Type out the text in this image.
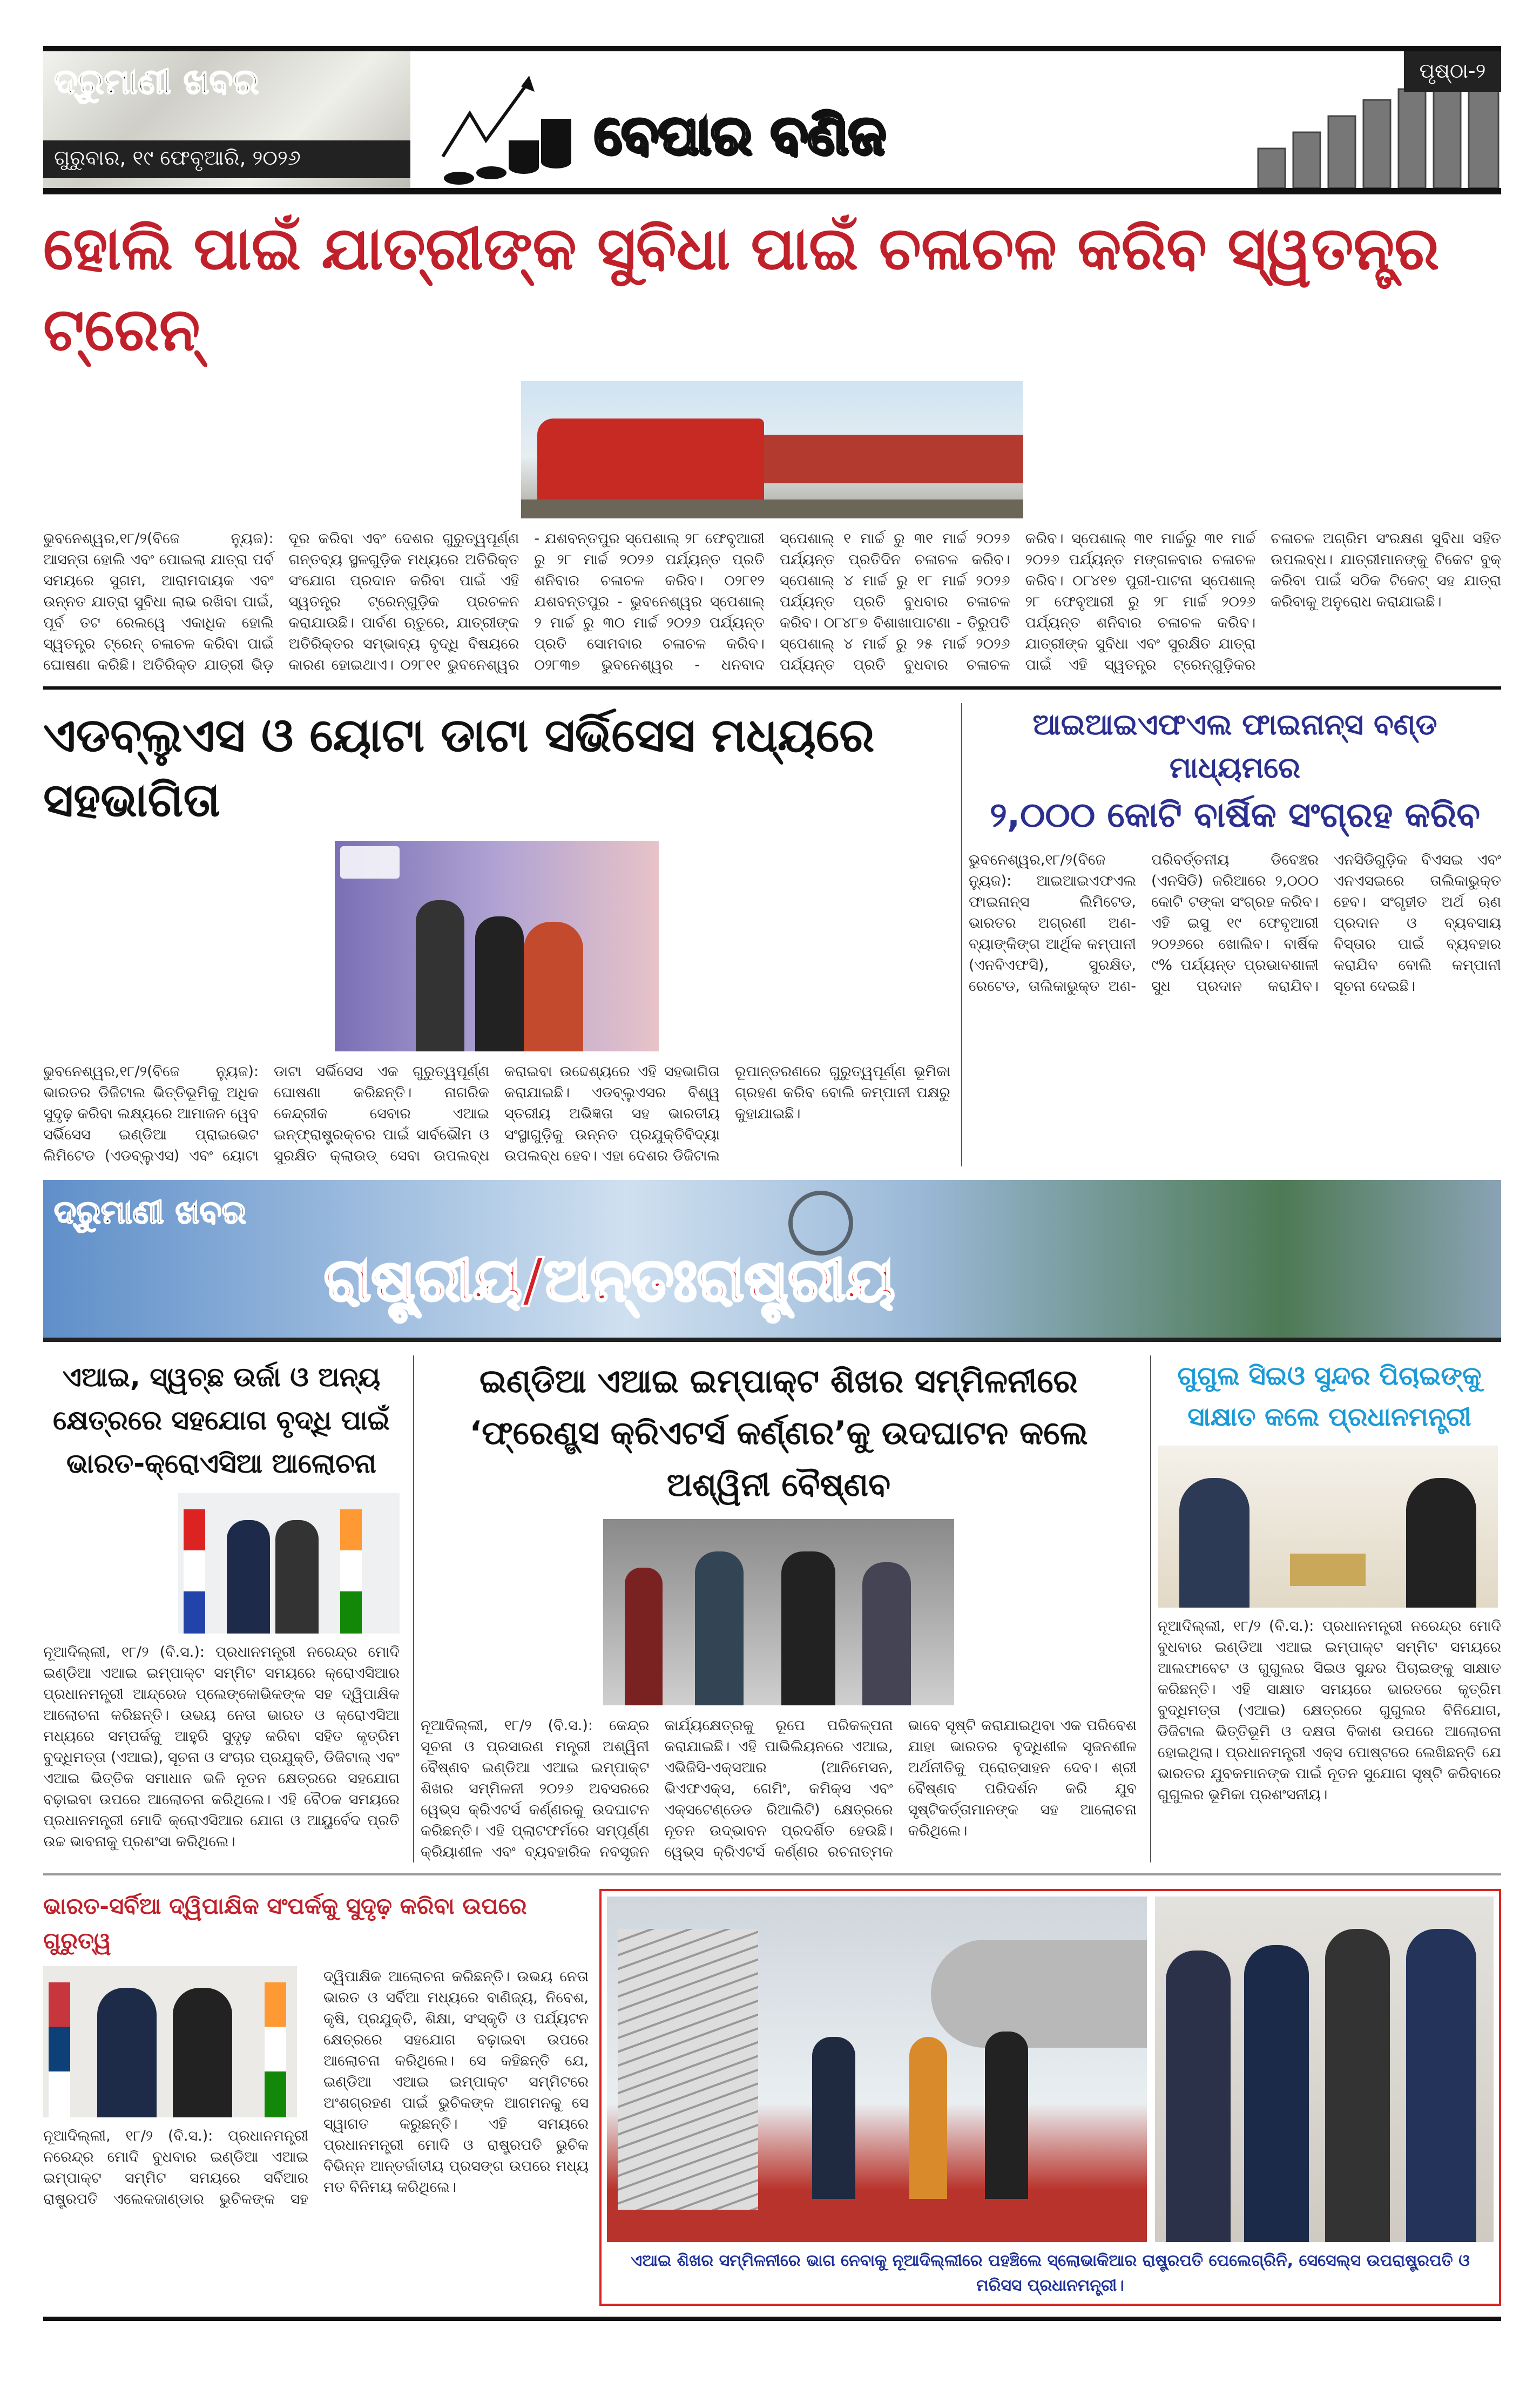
ଦ୍ରୁମାଣୀ ଖବର
ଗୁରୁବାର, ୧୯ ଫେବୃଆରି, ୨୦୨୬	ବେପାର ବଣିଜ
ପୃଷ୍ଠା-୨
ହୋଲି ପାଇଁ ଯାତ୍ରୀଙ୍କ ସୁବିଧା ପାଇଁ ଚଳାଚଳ କରିବ ସ୍ୱତନ୍ତ୍ର ଟ୍ରେନ୍
ଭୁବନେଶ୍ୱର,୧୮/୨(ବିଜେ ନ୍ୟୁଜ): ଆସନ୍ତା ହୋଲି ଏବଂ ପୋଇଲା ଯାତ୍ରା ପର୍ବ ସମୟରେ ସୁଗମ, ଆରାମଦାୟକ ଏବଂ ଉନ୍ନତ ଯାତ୍ରା ସୁବିଧା ଲାଭ ରଖିବା ପାଇଁ, ପୂର୍ବ ତଟ ରେଲୱେ ଏକାଧିକ ହୋଲି ସ୍ୱତନ୍ତ୍ର ଟ୍ରେନ୍ ଚଳାଚଳ କରିବା ପାଇଁ ଘୋଷଣା କରିଛି। ଅତିରିକ୍ତ ଯାତ୍ରୀ ଭିଡ଼ ଦୂର କରିବା ଏବଂ ଦେଶର ଗୁରୁତ୍ୱପୂର୍ଣ୍ଣ ଗନ୍ତବ୍ୟ ସ୍ଥଳଗୁଡ଼ିକ ମଧ୍ୟରେ ଅତିରିକ୍ତ ସଂଯୋଗ ପ୍ରଦାନ କରିବା ପାଇଁ ଏହି ସ୍ୱତନ୍ତ୍ର ଟ୍ରେନ୍‌ଗୁଡ଼ିକ ପ୍ରଚଳନ କରାଯାଉଛି। ପାର୍ବଣ ଋତୁରେ, ଯାତ୍ରୀଙ୍କ ଅତିରିକ୍ତର ସମ୍ଭାବ୍ୟ ବୃଦ୍ଧି ବିଷୟରେ କାରଣ ହୋଇଥାଏ। ୦୨୮୧୧ ଭୁବନେଶ୍ୱର - ଯଶବନ୍ତପୁର ସ୍ପେଶାଲ୍ ୨୮ ଫେବୃଆରୀ ରୁ ୨୮ ମାର୍ଚ୍ଚ ୨୦୨୬ ପର୍ଯ୍ୟନ୍ତ ପ୍ରତି ଶନିବାର ଚଳାଚଳ କରିବ। ୦୨୮୧୨ ଯଶବନ୍ତପୁର - ଭୁବନେଶ୍ୱର ସ୍ପେଶାଲ୍ ୨ ମାର୍ଚ୍ଚ ରୁ ୩୦ ମାର୍ଚ୍ଚ ୨୦୨୬ ପର୍ଯ୍ୟନ୍ତ ପ୍ରତି ସୋମବାର ଚଳାଚଳ କରିବ। ୦୨୮୩୭ ଭୁବନେଶ୍ୱର - ଧନବାଦ ସ୍ପେଶାଲ୍ ୧ ମାର୍ଚ୍ଚ ରୁ ୩୧ ମାର୍ଚ୍ଚ ୨୦୨୬ ପର୍ଯ୍ୟନ୍ତ ପ୍ରତିଦିନ ଚଳାଚଳ କରିବ। ସ୍ପେଶାଲ୍ ୪ ମାର୍ଚ୍ଚ ରୁ ୧୮ ମାର୍ଚ୍ଚ ୨୦୨୬ ପର୍ଯ୍ୟନ୍ତ ପ୍ରତି ବୁଧବାର ଚଳାଚଳ କରିବ। ୦୮୪୮୭ ବିଶାଖାପାଟଣା - ତିରୁପତି ସ୍ପେଶାଲ୍ ୪ ମାର୍ଚ୍ଚ ରୁ ୨୫ ମାର୍ଚ୍ଚ ୨୦୨୬ ପର୍ଯ୍ୟନ୍ତ ପ୍ରତି ବୁଧବାର ଚଳାଚଳ କରିବ। ସ୍ପେଶାଲ୍ ୩୧ ମାର୍ଚ୍ଚରୁ ୩୧ ମାର୍ଚ୍ଚ ୨୦୨୬ ପର୍ଯ୍ୟନ୍ତ ମଙ୍ଗଳବାର ଚଳାଚଳ କରିବ। ୦୮୪୧୭ ପୁରୀ-ପାଟନା ସ୍ପେଶାଲ୍ ୨୮ ଫେବୃଆରୀ ରୁ ୨୮ ମାର୍ଚ୍ଚ ୨୦୨୬ ପର୍ଯ୍ୟନ୍ତ ଶନିବାର ଚଳାଚଳ କରିବ। ଯାତ୍ରୀଙ୍କ ସୁବିଧା ଏବଂ ସୁରକ୍ଷିତ ଯାତ୍ରା ପାଇଁ ଏହି ସ୍ୱତନ୍ତ୍ର ଟ୍ରେନ୍‌ଗୁଡ଼ିକର ଚଳାଚଳ ଅଗ୍ରିମ ସଂରକ୍ଷଣ ସୁବିଧା ସହିତ ଉପଲବ୍ଧ। ଯାତ୍ରୀମାନଙ୍କୁ ଟିକେଟ ବୁକ୍ କରିବା ପାଇଁ ସଠିକ ଟିକେଟ୍ ସହ ଯାତ୍ରା କରିବାକୁ ଅନୁରୋଧ କରାଯାଇଛି।
ଏଡବ୍ଲୁଏସ ଓ ୟୋଟା ଡାଟା ସର୍ଭିସେସ ମଧ୍ୟରେ ସହଭାଗିତା
ଭୁବନେଶ୍ୱର,୧୮/୨(ବିଜେ ନ୍ୟୁଜ): ଭାରତର ଡିଜିଟାଲ ଭିତ୍ତିଭୂମିକୁ ଅଧିକ ସୁଦୃଢ଼ କରିବା ଲକ୍ଷ୍ୟରେ ଆମାଜନ ୱେବ ସର୍ଭିସେସ ଇଣ୍ଡିଆ ପ୍ରାଇଭେଟ ଲିମିଟେଡ (ଏଡବ୍ଲୁଏସ) ଏବଂ ୟୋଟା ଡାଟା ସର୍ଭିସେସ ଏକ ଗୁରୁତ୍ୱପୂର୍ଣ୍ଣ ଘୋଷଣା କରିଛନ୍ତି। ନାଗରିକ କେନ୍ଦ୍ରୀକ ସେବାର ଏଆଇ ଇନ୍‌ଫ୍ରାଷ୍ଟ୍ରକ୍ଚର ପାଇଁ ସାର୍ବଭୌମ ଓ ସୁରକ୍ଷିତ କ୍ଲାଉଡ୍ ସେବା ଉପଲବ୍ଧ କରାଇବା ଉଦ୍ଦେଶ୍ୟରେ ଏହି ସହଭାଗିତା କରାଯାଇଛି। ଏଡବ୍ଲୁଏସର ବିଶ୍ୱ ସ୍ତରୀୟ ଅଭିଜ୍ଞତା ସହ ଭାରତୀୟ ସଂସ୍ଥାଗୁଡ଼ିକୁ ଉନ୍ନତ ପ୍ରଯୁକ୍ତିବିଦ୍ୟା ଉପଲବ୍ଧ ହେବ। ଏହା ଦେଶର ଡିଜିଟାଲ ରୂପାନ୍ତରଣରେ ଗୁରୁତ୍ୱପୂର୍ଣ୍ଣ ଭୂମିକା ଗ୍ରହଣ କରିବ ବୋଲି କମ୍ପାନୀ ପକ୍ଷରୁ କୁହାଯାଇଛି।
ଆଇଆଇଏଫଏଲ ଫାଇନାନ୍ସ ବଣ୍ଡ ମାଧ୍ୟମରେ
୨,୦୦୦ କୋଟି ବାର୍ଷିକ ସଂଗ୍ରହ କରିବ
ଭୁବନେଶ୍ୱର,୧୮/୨(ବିଜେ ନ୍ୟୁଜ): ଆଇଆଇଏଫଏଲ ଫାଇନାନ୍ସ ଲିମିଟେଡ, ଭାରତର ଅଗ୍ରଣୀ ଅଣ-ବ୍ୟାଙ୍କିଙ୍ଗ ଆର୍ଥିକ କମ୍ପାନୀ (ଏନବିଏଫସି), ସୁରକ୍ଷିତ, ରେଟେଡ, ତାଲିକାଭୁକ୍ତ ଅଣ-ପରିବର୍ତ୍ତନୀୟ ଡିବେଞ୍ଚର (ଏନସିଡି) ଜରିଆରେ ୨,୦୦୦ କୋଟି ଟଙ୍କା ସଂଗ୍ରହ କରିବ। ଏହି ଇସୁ ୧୯ ଫେବୃଆରୀ ୨୦୨୬ରେ ଖୋଲିବ। ବାର୍ଷିକ ୯% ପର୍ଯ୍ୟନ୍ତ ପ୍ରଭାବଶାଳୀ ସୁଧ ପ୍ରଦାନ କରାଯିବ। ଏନସିଡିଗୁଡ଼ିକ ବିଏସଇ ଏବଂ ଏନଏସଇରେ ତାଲିକାଭୁକ୍ତ ହେବ। ସଂଗୃହୀତ ଅର୍ଥ ଋଣ ପ୍ରଦାନ ଓ ବ୍ୟବସାୟ ବିସ୍ତାର ପାଇଁ ବ୍ୟବହାର କରାଯିବ ବୋଲି କମ୍ପାନୀ ସୂଚନା ଦେଇଛି।
ଦ୍ରୁମାଣୀ ଖବର
ରାଷ୍ଟ୍ରୀୟ/ଅନ୍ତଃରାଷ୍ଟ୍ରୀୟ
ଏଆଇ, ସ୍ୱଚ୍ଛ ଉର୍ଜା ଓ ଅନ୍ୟ କ୍ଷେତ୍ରରେ ସହଯୋଗ ବୃଦ୍ଧି ପାଇଁ ଭାରତ-କ୍ରୋଏସିଆ ଆଲୋଚନା
ନୂଆଦିଲ୍ଲୀ, ୧୮/୨ (ବି.ସ.): ପ୍ରଧାନମନ୍ତ୍ରୀ ନରେନ୍ଦ୍ର ମୋଦି ଇଣ୍ଡିଆ ଏଆଇ ଇମ୍ପାକ୍ଟ ସମ୍ମିଟ ସମୟରେ କ୍ରୋଏସିଆର ପ୍ରଧାନମନ୍ତ୍ରୀ ଆନ୍ଦ୍ରେଜ ପ୍ଲେଙ୍କୋଭିକଙ୍କ ସହ ଦ୍ୱିପାକ୍ଷିକ ଆଲୋଚନା କରିଛନ୍ତି। ଉଭୟ ନେତା ଭାରତ ଓ କ୍ରୋଏସିଆ ମଧ୍ୟରେ ସମ୍ପର୍କକୁ ଆହୁରି ସୁଦୃଢ଼ କରିବା ସହିତ କୃତ୍ରିମ ବୁଦ୍ଧିମତ୍ତା (ଏଆଇ), ସୂଚନା ଓ ସଂଚାର ପ୍ରଯୁକ୍ତି, ଡିଜିଟାଲ୍ ଏବଂ ଏଆଇ ଭିତ୍ତିକ ସମାଧାନ ଭଳି ନୂତନ କ୍ଷେତ୍ରରେ ସହଯୋଗ ବଢ଼ାଇବା ଉପରେ ଆଲୋଚନା କରିଥିଲେ। ଏହି ବୈଠକ ସମୟରେ ପ୍ରଧାନମନ୍ତ୍ରୀ ମୋଦି କ୍ରୋଏସିଆର ଯୋଗ ଓ ଆୟୁର୍ବେଦ ପ୍ରତି ଉଚ୍ଚ ଭାବନାକୁ ପ୍ରଶଂସା କରିଥିଲେ।
ଇଣ୍ଡିଆ ଏଆଇ ଇମ୍ପାକ୍ଟ ଶିଖର ସମ୍ମିଳନୀରେ ‘ଫ୍ରେଣ୍ଡ୍ସ କ୍ରିଏଟର୍ସ କର୍ଣ୍ଣର’କୁ ଉଦଘାଟନ କଲେ ଅଶ୍ୱିନୀ ବୈଷ୍ଣବ
ନୂଆଦିଲ୍ଲୀ, ୧୮/୨ (ବି.ସ.): କେନ୍ଦ୍ର ସୂଚନା ଓ ପ୍ରସାରଣ ମନ୍ତ୍ରୀ ଅଶ୍ୱିନୀ ବୈଷ୍ଣବ ଇଣ୍ଡିଆ ଏଆଇ ଇମ୍ପାକ୍ଟ ଶିଖର ସମ୍ମିଳନୀ ୨୦୨୬ ଅବସରରେ ୱେଭ୍ସ କ୍ରିଏଟର୍ସ କର୍ଣ୍ଣରକୁ ଉଦଘାଟନ କରିଛନ୍ତି। ଏହି ପ୍ଲାଟଫର୍ମରେ ସମ୍ପୂର୍ଣ୍ଣ କ୍ରିୟାଶୀଳ ଏବଂ ବ୍ୟବହାରିକ ନବସୃଜନ କାର୍ଯ୍ୟକ୍ଷେତ୍ରକୁ ରୂପେ ପରିକଳ୍ପନା କରାଯାଇଛି। ଏହି ପାଭିଲିୟନରେ ଏଆଇ, ଏଭିଜିସି-ଏକ୍ସଆର (ଆନିମେସନ, ଭିଏଫଏକ୍ସ, ଗେମିଂ, କମିକ୍ସ ଏବଂ ଏକ୍ସଟେଣ୍ଡେଡ ରିଆଲିଟି) କ୍ଷେତ୍ରରେ ନୂତନ ଉଦ୍ଭାବନ ପ୍ରଦର୍ଶିତ ହେଉଛି। ୱେଭ୍ସ କ୍ରିଏଟର୍ସ କର୍ଣ୍ଣର ରଚନାତ୍ମକ ଭାବେ ସୃଷ୍ଟି କରାଯାଇଥିବା ଏକ ପରିବେଶ ଯାହା ଭାରତର ବୃଦ୍ଧିଶୀଳ ସୃଜନଶୀଳ ଅର୍ଥନୀତିକୁ ପ୍ରୋତ୍ସାହନ ଦେବ। ଶ୍ରୀ ବୈଷ୍ଣବ ପରିଦର୍ଶନ କରି ଯୁବ ସୃଷ୍ଟିକର୍ତ୍ତାମାନଙ୍କ ସହ ଆଲୋଚନା କରିଥିଲେ।
ଗୁଗୁଲ ସିଇଓ ସୁନ୍ଦର ପିଚାଇଙ୍କୁ ସାକ୍ଷାତ କଲେ ପ୍ରଧାନମନ୍ତ୍ରୀ
ନୂଆଦିଲ୍ଲୀ, ୧୮/୨ (ବି.ସ.): ପ୍ରଧାନମନ୍ତ୍ରୀ ନରେନ୍ଦ୍ର ମୋଦି ବୁଧବାର ଇଣ୍ଡିଆ ଏଆଇ ଇମ୍ପାକ୍ଟ ସମ୍ମିଟ ସମୟରେ ଆଲଫାବେଟ ଓ ଗୁଗୁଲର ସିଇଓ ସୁନ୍ଦର ପିଚାଇଙ୍କୁ ସାକ୍ଷାତ କରିଛନ୍ତି। ଏହି ସାକ୍ଷାତ ସମୟରେ ଭାରତରେ କୃତ୍ରିମ ବୁଦ୍ଧିମତ୍ତା (ଏଆଇ) କ୍ଷେତ୍ରରେ ଗୁଗୁଲର ବିନିଯୋଗ, ଡିଜିଟାଲ ଭିତ୍ତିଭୂମି ଓ ଦକ୍ଷତା ବିକାଶ ଉପରେ ଆଲୋଚନା ହୋଇଥିଲା। ପ୍ରଧାନମନ୍ତ୍ରୀ ଏକ୍ସ ପୋଷ୍ଟରେ ଲେଖିଛନ୍ତି ଯେ ଭାରତର ଯୁବକମାନଙ୍କ ପାଇଁ ନୂତନ ସୁଯୋଗ ସୃଷ୍ଟି କରିବାରେ ଗୁଗୁଲର ଭୂମିକା ପ୍ରଶଂସନୀୟ।
ଭାରତ-ସର୍ବିଆ ଦ୍ୱିପାକ୍ଷିକ ସଂପର୍କକୁ ସୁଦୃଢ଼ କରିବା ଉପରେ ଗୁରୁତ୍ୱ
ନୂଆଦିଲ୍ଲୀ, ୧୮/୨ (ବି.ସ.): ପ୍ରଧାନମନ୍ତ୍ରୀ ନରେନ୍ଦ୍ର ମୋଦି ବୁଧବାର ଇଣ୍ଡିଆ ଏଆଇ ଇମ୍ପାକ୍ଟ ସମ୍ମିଟ ସମୟରେ ସର୍ବିଆର ରାଷ୍ଟ୍ରପତି ଏଲେକଜାଣ୍ଡାର ଭୁଚିକଙ୍କ ସହ ଦ୍ୱିପାକ୍ଷିକ ଆଲୋଚନା କରିଛନ୍ତି। ଉଭୟ ନେତା ଭାରତ ଓ ସର୍ବିଆ ମଧ୍ୟରେ ବାଣିଜ୍ୟ, ନିବେଶ, କୃଷି, ପ୍ରଯୁକ୍ତି, ଶିକ୍ଷା, ସଂସ୍କୃତି ଓ ପର୍ଯ୍ୟଟନ କ୍ଷେତ୍ରରେ ସହଯୋଗ ବଢ଼ାଇବା ଉପରେ ଆଲୋଚନା କରିଥିଲେ। ସେ କହିଛନ୍ତି ଯେ, ଇଣ୍ଡିଆ ଏଆଇ ଇମ୍ପାକ୍ଟ ସମ୍ମିଟରେ ଅଂଶଗ୍ରହଣ ପାଇଁ ଭୁଚିକଙ୍କ ଆଗମନକୁ ସେ ସ୍ୱାଗତ କରୁଛନ୍ତି। ଏହି ସମୟରେ ପ୍ରଧାନମନ୍ତ୍ରୀ ମୋଦି ଓ ରାଷ୍ଟ୍ରପତି ଭୁଚିକ ବିଭିନ୍ନ ଆନ୍ତର୍ଜାତୀୟ ପ୍ରସଙ୍ଗ ଉପରେ ମଧ୍ୟ ମତ ବିନିମୟ କରିଥିଲେ।
ଏଆଇ ଶିଖର ସମ୍ମିଳନୀରେ ଭାଗ ନେବାକୁ ନୂଆଦିଲ୍ଲୀରେ ପହଞ୍ଚିଲେ ସ୍ଲୋଭାକିଆର ରାଷ୍ଟ୍ରପତି ପେଲେଗ୍ରିନି, ସେସେଲ୍ସ ଉପରାଷ୍ଟ୍ରପତି ଓ ମରିସସ ପ୍ରଧାନମନ୍ତ୍ରୀ।
